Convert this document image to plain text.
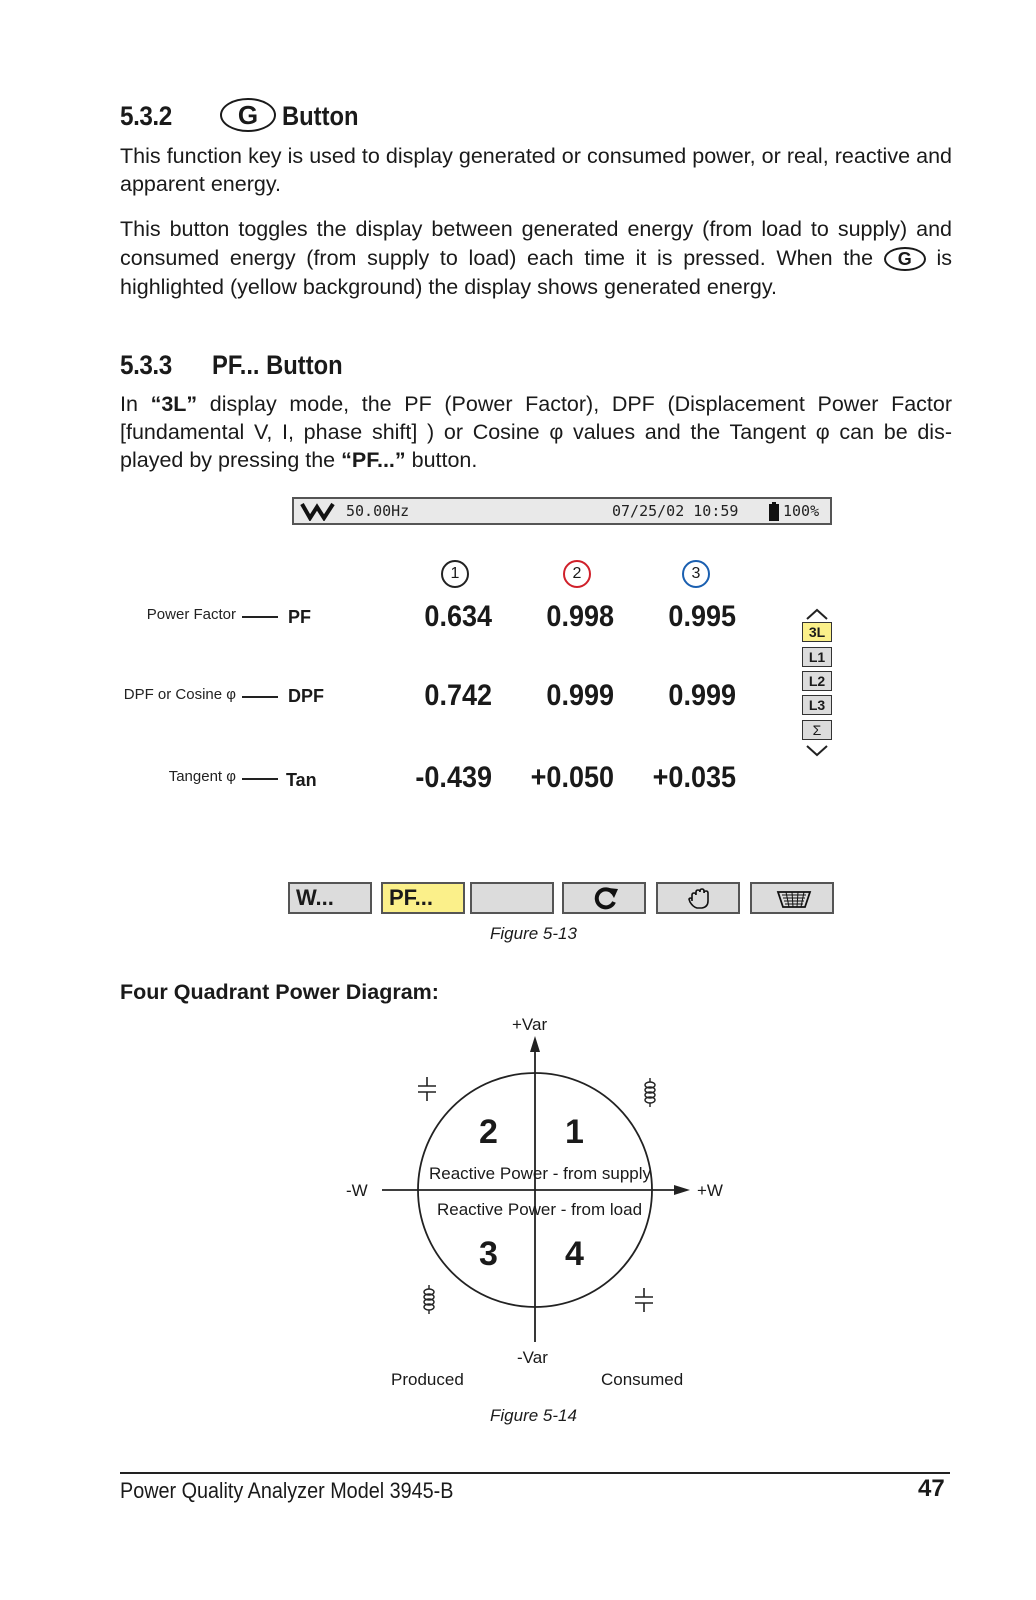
5.3.2	G Button
This function key is used to display generated or consumed power, or real, reactive and apparent energy.
This button toggles the display between generated energy (from load to supply) and consumed energy (from supply to load) each time it is pressed. When the G is highlighted (yellow background) the display shows generated energy.
5.3.3 PF... Button
In “3L” display mode, the PF (Power Factor), DPF (Displacement Power Factor [fundamental V, I, phase shift] ) or Cosine φ values and the Tangent φ can be dis-played by pressing the “PF...” button.
50.00Hz	07/25/02 10:59	100%
1	2	3
Power Factor	PF	0.634	0.998	0.995
DPF or Cosine φ	DPF	0.742	0.999	0.999
Tangent φ	Tan	-0.439	+0.050	+0.035
3L
L1
L2
L3
Σ
W...	PF...
Figure 5-13
Four Quadrant Power Diagram:
+Var
-Var
-W	+W
2 1
3 4
Reactive Power - from supply
Reactive Power - from load
Produced	Consumed
Figure 5-14
Power Quality Analyzer Model 3945-B	47
